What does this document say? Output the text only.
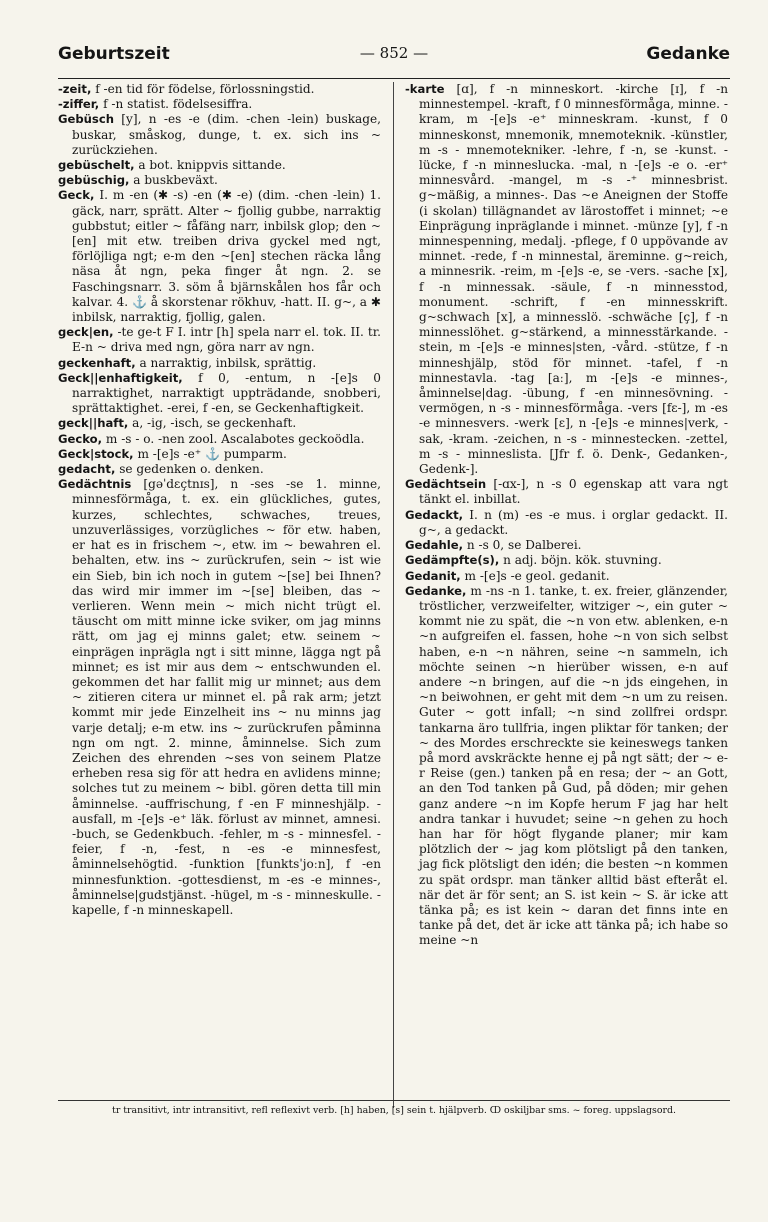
Geburtszeit	— 852 —	Gedanke

-zeit, f -en tid för födelse, förlossningstid.

-ziffer, f -n statist. födelsesiffra.

Gebüsch [y], n -es -e (dim. -chen -lein) buskage, buskar, småskog, dunge, t. ex. sich ins ~ zurückziehen.

gebüschelt, a bot. knippvis sittande.

gebüschig, a buskbeväxt.

Geck, I. m -en (✱ -s) -en (✱ -e) (dim. -chen -lein) 1. gäck, narr, sprätt. Alter ~ fjollig gubbe, narraktig gubbstut; eitler ~ fåfäng narr, inbilsk glop; den ~[en] mit etw. treiben driva gyckel med ngt, förlöjliga ngt; e-m den ~[en] stechen räcka lång näsa åt ngn, peka finger åt ngn. 2. se Faschingsnarr. 3. söm å bjärnskålen hos får och kalvar. 4. ⚓ å skorstenar rökhuv, -hatt. II. g~, a ✱ inbilsk, narraktig, fjollig, galen.

geck|en, -te ge-t F I. intr [h] spela narr el. tok. II. tr. E-n ~ driva med ngn, göra narr av ngn.

geckenhaft, a narraktig, inbilsk, sprättig.

Geck||enhaftigkeit, f 0, -entum, n -[e]s 0 narraktighet, narraktigt uppträdande, snobberi, sprättaktighet. -erei, f -en, se Geckenhaftigkeit.

geck||haft, a, -ig, -isch, se geckenhaft.

Gecko, m -s - o. -nen zool. Ascalabotes geckoödla.

Geck|stock, m -[e]s -e⁺ ⚓ pumparm.

gedacht, se gedenken o. denken.

Gedächtnis [gəˈdɛçtnɪs], n -ses -se 1. minne, minnesförmåga, t. ex. ein glückliches, gutes, kurzes, schlechtes, schwaches, treues, unzuverlässiges, vorzügliches ~ för etw. haben, er hat es in frischem ~, etw. im ~ bewahren el. behalten, etw. ins ~ zurückrufen, sein ~ ist wie ein Sieb, bin ich noch in gutem ~[se] bei Ihnen? das wird mir immer im ~[se] bleiben, das ~ verlieren. Wenn mein ~ mich nicht trügt el. täuscht om mitt minne icke sviker, om jag minns rätt, om jag ej minns galet; etw. seinem ~ einprägen inprägla ngt i sitt minne, lägga ngt på minnet; es ist mir aus dem ~ entschwunden el. gekommen det har fallit mig ur minnet; aus dem ~ zitieren citera ur minnet el. på rak arm; jetzt kommt mir jede Einzelheit ins ~ nu minns jag varje detalj; e-m etw. ins ~ zurückrufen påminna ngn om ngt. 2. minne, åminnelse. Sich zum Zeichen des ehrenden ~ses von seinem Platze erheben resa sig för att hedra en avlidens minne; solches tut zu meinem ~ bibl. gören detta till min åminnelse. -auffrischung, f -en F minneshjälp. -ausfall, m -[e]s -e⁺ läk. förlust av minnet, amnesi. -buch, se Gedenkbuch. -fehler, m -s - minnesfel. -feier, f -n, -fest, n -es -e minnesfest, åminnelsehögtid. -funktion [funktsˈjoːn], f -en minnesfunktion. -gottesdienst, m -es -e minnes-, åminnelse|gudstjänst. -hügel, m -s - minneskulle. -kapelle, f -n minneskapell.

-karte [ɑ], f -n minneskort. -kirche [ɪ], f -n minnestempel. -kraft, f 0 minnesförmåga, minne. -kram, m -[e]s -e⁺ minneskram. -kunst, f 0 minneskonst, mnemonik, mnemoteknik. -künstler, m -s - mnemotekniker. -lehre, f -n, se -kunst. -lücke, f -n minneslucka. -mal, n -[e]s -e o. -er⁺ minnesvård. -mangel, m -s -⁺ minnesbrist. g~mäßig, a minnes-. Das ~e Aneignen der Stoffe (i skolan) tillägnandet av lärostoffet i minnet; ~e Einprägung inpräglande i minnet. -münze [y], f -n minnespenning, medalj. -pflege, f 0 uppövande av minnet. -rede, f -n minnestal, äreminne. g~reich, a minnesrik. -reim, m -[e]s -e, se -vers. -sache [x], f -n minnessak. -säule, f -n minnesstod, monument. -schrift, f -en minnesskrift. g~schwach [x], a minnesslö. -schwäche [ç], f -n minnesslöhet. g~stärkend, a minnesstärkande. -stein, m -[e]s -e minnes|sten, -vård. -stütze, f -n minneshjälp, stöd för minnet. -tafel, f -n minnestavla. -tag [aː], m -[e]s -e minnes-, åminnelse|dag. -übung, f -en minnesövning. -vermögen, n -s - minnesförmåga. -vers [fɛ-], m -es -e minnesvers. -werk [ɛ], n -[e]s -e minnes|verk, -sak, -kram. -zeichen, n -s - minnestecken. -zettel, m -s - minneslista. [Jfr f. ö. Denk-, Gedanken-, Gedenk-].

Gedächtsein [-ɑx-], n -s 0 egenskap att vara ngt tänkt el. inbillat.

Gedackt, I. n (m) -es -e mus. i orglar gedackt. II. g~, a gedackt.

Gedahle, n -s 0, se Dalberei.

Gedämpfte(s), n adj. böjn. kök. stuvning.

Gedanit, m -[e]s -e geol. gedanit.

Gedanke, m -ns -n 1. tanke, t. ex. freier, glänzender, tröstlicher, verzweifelter, witziger ~, ein guter ~ kommt nie zu spät, die ~n von etw. ablenken, e-n ~n aufgreifen el. fassen, hohe ~n von sich selbst haben, e-n ~n nähren, seine ~n sammeln, ich möchte seinen ~n hierüber wissen, e-n auf andere ~n bringen, auf die ~n jds eingehen, in ~n beiwohnen, er geht mit dem ~n um zu reisen. Guter ~ gott infall; ~n sind zollfrei ordspr. tankarna äro tullfria, ingen pliktar för tanken; der ~ des Mordes erschreckte sie keineswegs tanken på mord avskräckte henne ej på ngt sätt; der ~ e-r Reise (gen.) tanken på en resa; der ~ an Gott, an den Tod tanken på Gud, på döden; mir gehen ganz andere ~n im Kopfe herum F jag har helt andra tankar i huvudet; seine ~n gehen zu hoch han har för högt flygande planer; mir kam plötzlich der ~ jag kom plötsligt på den tanken, jag fick plötsligt den idén; die besten ~n kommen zu spät ordspr. man tänker alltid bäst efteråt el. när det är för sent; an S. ist kein ~ S. är icke att tänka på; es ist kein ~ daran det finns inte en tanke på det, det är icke att tänka på; ich habe so meine ~n

tr transitivt, intr intransitivt, refl reflexivt verb. [h] haben, [s] sein t. hjälpverb. ↀ oskiljbar sms. ~ foreg. uppslagsord.
